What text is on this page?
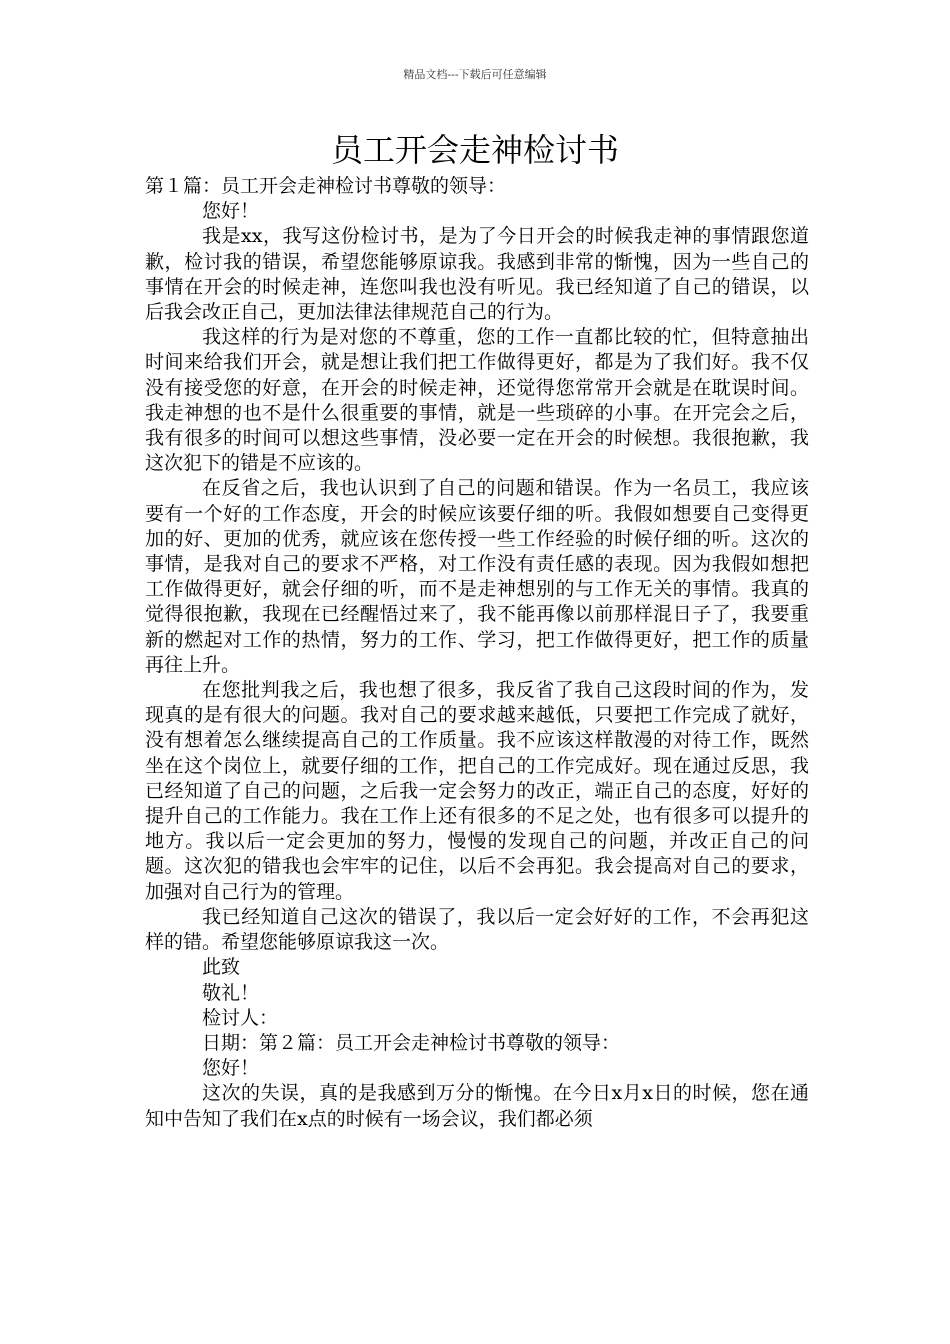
精品文档---下载后可任意编辑
员工开会走神检讨书

第１篇：员工开会走神检讨书尊敬的领导：

您好！

我是xx，我写这份检讨书，是为了今日开会的时候我走神的事情跟您道歉，检讨我的错误，希望您能够原谅我。我感到非常的惭愧，因为一些自己的事情在开会的时候走神，连您叫我也没有听见。我已经知道了自己的错误，以后我会改正自己，更加法律法律规范自己的行为。

我这样的行为是对您的不尊重，您的工作一直都比较的忙，但特意抽出时间来给我们开会，就是想让我们把工作做得更好，都是为了我们好。我不仅没有接受您的好意，在开会的时候走神，还觉得您常常开会就是在耽误时间。我走神想的也不是什么很重要的事情，就是一些琐碎的小事。在开完会之后，我有很多的时间可以想这些事情，没必要一定在开会的时候想。我很抱歉，我这次犯下的错是不应该的。

在反省之后，我也认识到了自己的问题和错误。作为一名员工，我应该要有一个好的工作态度，开会的时候应该要仔细的听。我假如想要自己变得更加的好、更加的优秀，就应该在您传授一些工作经验的时候仔细的听。这次的事情，是我对自己的要求不严格，对工作没有责任感的表现。因为我假如想把工作做得更好，就会仔细的听，而不是走神想别的与工作无关的事情。我真的觉得很抱歉，我现在已经醒悟过来了，我不能再像以前那样混日子了，我要重新的燃起对工作的热情，努力的工作、学习，把工作做得更好，把工作的质量再往上升。

在您批判我之后，我也想了很多，我反省了我自己这段时间的作为，发现真的是有很大的问题。我对自己的要求越来越低，只要把工作完成了就好，没有想着怎么继续提高自己的工作质量。我不应该这样散漫的对待工作，既然坐在这个岗位上，就要仔细的工作，把自己的工作完成好。现在通过反思，我已经知道了自己的问题，之后我一定会努力的改正，端正自己的态度，好好的提升自己的工作能力。我在工作上还有很多的不足之处，也有很多可以提升的地方。我以后一定会更加的努力，慢慢的发现自己的问题，并改正自己的问题。这次犯的错我也会牢牢的记住，以后不会再犯。我会提高对自己的要求，加强对自己行为的管理。

我已经知道自己这次的错误了，我以后一定会好好的工作，不会再犯这样的错。希望您能够原谅我这一次。

此致

敬礼！

检讨人：

日期：第２篇：员工开会走神检讨书尊敬的领导：

您好！

这次的失误，真的是我感到万分的惭愧。在今日x月x日的时候，您在通知中告知了我们在x点的时候有一场会议，我们都必须
